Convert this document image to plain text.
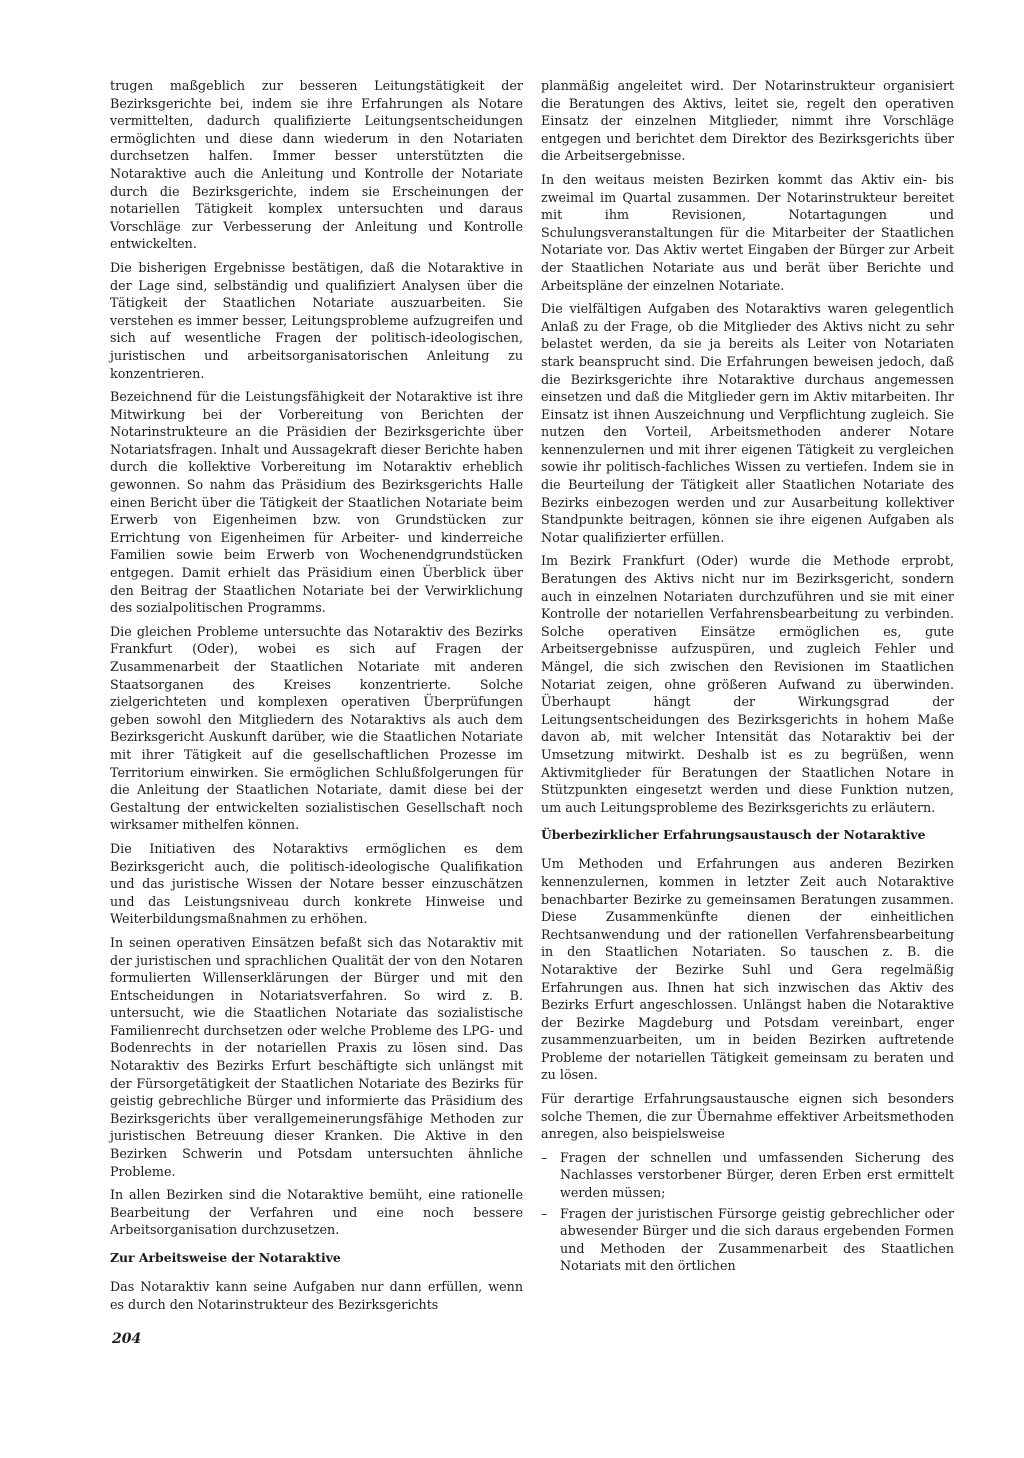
trugen maßgeblich zur besseren Leitungstätigkeit der Bezirksgerichte bei, indem sie ihre Erfahrungen als Notare vermittelten, dadurch qualifizierte Leitungsentscheidungen ermöglichten und diese dann wiederum in den Notariaten durchsetzen halfen. Immer besser unterstützten die Notaraktive auch die Anleitung und Kontrolle der Notariate durch die Bezirksgerichte, indem sie Erscheinungen der notariellen Tätigkeit komplex untersuchten und daraus Vorschläge zur Verbesserung der Anleitung und Kontrolle entwickelten.

Die bisherigen Ergebnisse bestätigen, daß die Notaraktive in der Lage sind, selbständig und qualifiziert Analysen über die Tätigkeit der Staatlichen Notariate auszuarbeiten. Sie verstehen es immer besser, Leitungsprobleme aufzugreifen und sich auf wesentliche Fragen der politisch-ideologischen, juristischen und arbeitsorganisatorischen Anleitung zu konzentrieren.

Bezeichnend für die Leistungsfähigkeit der Notaraktive ist ihre Mitwirkung bei der Vorbereitung von Berichten der Notarinstrukteure an die Präsidien der Bezirksgerichte über Notariatsfragen. Inhalt und Aussagekraft dieser Berichte haben durch die kollektive Vorbereitung im Notaraktiv erheblich gewonnen. So nahm das Präsidium des Bezirksgerichts Halle einen Bericht über die Tätigkeit der Staatlichen Notariate beim Erwerb von Eigenheimen bzw. von Grundstücken zur Errichtung von Eigenheimen für Arbeiter- und kinderreiche Familien sowie beim Erwerb von Wochenendgrundstücken entgegen. Damit erhielt das Präsidium einen Überblick über den Beitrag der Staatlichen Notariate bei der Verwirklichung des sozialpolitischen Programms.

Die gleichen Probleme untersuchte das Notaraktiv des Bezirks Frankfurt (Oder), wobei es sich auf Fragen der Zusammenarbeit der Staatlichen Notariate mit anderen Staatsorganen des Kreises konzentrierte. Solche zielgerichteten und komplexen operativen Überprüfungen geben sowohl den Mitgliedern des Notaraktivs als auch dem Bezirksgericht Auskunft darüber, wie die Staatlichen Notariate mit ihrer Tätigkeit auf die gesellschaftlichen Prozesse im Territorium einwirken. Sie ermöglichen Schlußfolgerungen für die Anleitung der Staatlichen Notariate, damit diese bei der Gestaltung der entwickelten sozialistischen Gesellschaft noch wirksamer mithelfen können.

Die Initiativen des Notaraktivs ermöglichen es dem Bezirksgericht auch, die politisch-ideologische Qualifikation und das juristische Wissen der Notare besser einzuschätzen und das Leistungsniveau durch konkrete Hinweise und Weiterbildungsmaßnahmen zu erhöhen.

In seinen operativen Einsätzen befaßt sich das Notaraktiv mit der juristischen und sprachlichen Qualität der von den Notaren formulierten Willenserklärungen der Bürger und mit den Entscheidungen in Notariatsverfahren. So wird z. B. untersucht, wie die Staatlichen Notariate das sozialistische Familienrecht durchsetzen oder welche Probleme des LPG- und Bodenrechts in der notariellen Praxis zu lösen sind. Das Notaraktiv des Bezirks Erfurt beschäftigte sich unlängst mit der Fürsorgetätigkeit der Staatlichen Notariate des Bezirks für geistig gebrechliche Bürger und informierte das Präsidium des Bezirksgerichts über verallgemeinerungsfähige Methoden zur juristischen Betreuung dieser Kranken. Die Aktive in den Bezirken Schwerin und Potsdam untersuchten ähnliche Probleme.

In allen Bezirken sind die Notaraktive bemüht, eine rationelle Bearbeitung der Verfahren und eine noch bessere Arbeitsorganisation durchzusetzen.

Zur Arbeitsweise der Notaraktive

Das Notaraktiv kann seine Aufgaben nur dann erfüllen, wenn es durch den Notarinstrukteur des Bezirksgerichts

planmäßig angeleitet wird. Der Notarinstrukteur organisiert die Beratungen des Aktivs, leitet sie, regelt den operativen Einsatz der einzelnen Mitglieder, nimmt ihre Vorschläge entgegen und berichtet dem Direktor des Bezirksgerichts über die Arbeitsergebnisse.

In den weitaus meisten Bezirken kommt das Aktiv ein- bis zweimal im Quartal zusammen. Der Notarinstrukteur bereitet mit ihm Revisionen, Notartagungen und Schulungsveranstaltungen für die Mitarbeiter der Staatlichen Notariate vor. Das Aktiv wertet Eingaben der Bürger zur Arbeit der Staatlichen Notariate aus und berät über Berichte und Arbeitspläne der einzelnen Notariate.

Die vielfältigen Aufgaben des Notaraktivs waren gelegentlich Anlaß zu der Frage, ob die Mitglieder des Aktivs nicht zu sehr belastet werden, da sie ja bereits als Leiter von Notariaten stark beansprucht sind. Die Erfahrungen beweisen jedoch, daß die Bezirksgerichte ihre Notaraktive durchaus angemessen einsetzen und daß die Mitglieder gern im Aktiv mitarbeiten. Ihr Einsatz ist ihnen Auszeichnung und Verpflichtung zugleich. Sie nutzen den Vorteil, Arbeitsmethoden anderer Notare kennenzulernen und mit ihrer eigenen Tätigkeit zu vergleichen sowie ihr politisch-fachliches Wissen zu vertiefen. Indem sie in die Beurteilung der Tätigkeit aller Staatlichen Notariate des Bezirks einbezogen werden und zur Ausarbeitung kollektiver Standpunkte beitragen, können sie ihre eigenen Aufgaben als Notar qualifizierter erfüllen.

Im Bezirk Frankfurt (Oder) wurde die Methode erprobt, Beratungen des Aktivs nicht nur im Bezirksgericht, sondern auch in einzelnen Notariaten durchzuführen und sie mit einer Kontrolle der notariellen Verfahrensbearbeitung zu verbinden. Solche operativen Einsätze ermöglichen es, gute Arbeitsergebnisse aufzuspüren, und zugleich Fehler und Mängel, die sich zwischen den Revisionen im Staatlichen Notariat zeigen, ohne größeren Aufwand zu überwinden. Überhaupt hängt der Wirkungsgrad der Leitungsentscheidungen des Bezirksgerichts in hohem Maße davon ab, mit welcher Intensität das Notaraktiv bei der Umsetzung mitwirkt. Deshalb ist es zu begrüßen, wenn Aktivmitglieder für Beratungen der Staatlichen Notare in Stützpunkten eingesetzt werden und diese Funktion nutzen, um auch Leitungsprobleme des Bezirksgerichts zu erläutern.

Überbezirklicher Erfahrungsaustausch der Notaraktive

Um Methoden und Erfahrungen aus anderen Bezirken kennenzulernen, kommen in letzter Zeit auch Notaraktive benachbarter Bezirke zu gemeinsamen Beratungen zusammen. Diese Zusammenkünfte dienen der einheitlichen Rechtsanwendung und der rationellen Verfahrensbearbeitung in den Staatlichen Notariaten. So tauschen z. B. die Notaraktive der Bezirke Suhl und Gera regelmäßig Erfahrungen aus. Ihnen hat sich inzwischen das Aktiv des Bezirks Erfurt angeschlossen. Unlängst haben die Notaraktive der Bezirke Magdeburg und Potsdam vereinbart, enger zusammenzuarbeiten, um in beiden Bezirken auftretende Probleme der notariellen Tätigkeit gemeinsam zu beraten und zu lösen.

Für derartige Erfahrungsaustausche eignen sich besonders solche Themen, die zur Übernahme effektiver Arbeitsmethoden anregen, also beispielsweise

– Fragen der schnellen und umfassenden Sicherung des Nachlasses verstorbener Bürger, deren Erben erst ermittelt werden müssen;
– Fragen der juristischen Fürsorge geistig gebrechlicher oder abwesender Bürger und die sich daraus ergebenden Formen und Methoden der Zusammenarbeit des Staatlichen Notariats mit den örtlichen
204
